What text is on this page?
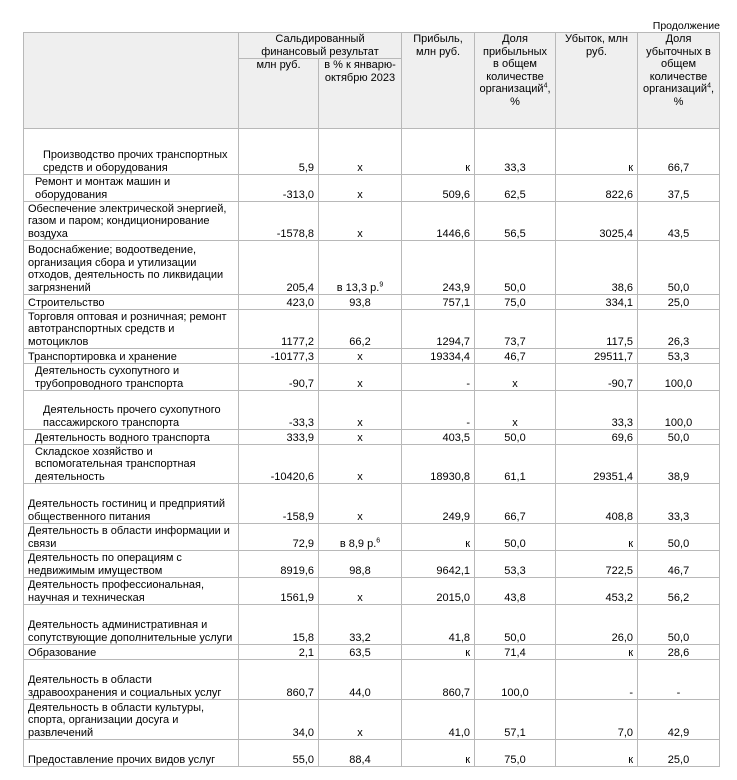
Продолжение
	Сальдированный финансовый результат		Прибыль, млн руб.	Доля прибыльных в общем количестве организаций$^4$, %	Убыток, млн руб.	Доля убыточных в общем количестве организаций$^4$, %
	млн руб.	в % к январю-октябрю 2023				
Производство прочих транспортных средств и оборудования	5,9	х	к	33,3	к	66,7
Ремонт и монтаж машин и оборудования	-313,0	х	509,6	62,5	822,6	37,5
Обеспечение электрической энергией, газом и паром; кондиционирование воздуха	-1578,8	х	1446,6	56,5	3025,4	43,5
Водоснабжение; водоотведение, организация сбора и утилизации отходов, деятельность по ликвидации загрязнений	205,4	в 13,3 р.$^9$	243,9	50,0	38,6	50,0
Строительство	423,0	93,8	757,1	75,0	334,1	25,0
Торговля оптовая и розничная; ремонт автотранспортных средств и мотоциклов	1177,2	66,2	1294,7	73,7	117,5	26,3
Транспортировка и хранение	-10177,3	х	19334,4	46,7	29511,7	53,3
Деятельность сухопутного и трубопроводного транспорта	-90,7	х	-	х	-90,7	100,0
Деятельность прочего сухопутного пассажирского транспорта	-33,3	х	-	х	33,3	100,0
Деятельность водного транспорта	333,9	х	403,5	50,0	69,6	50,0
Складское хозяйство и вспомогательная транспортная деятельность	-10420,6	х	18930,8	61,1	29351,4	38,9
Деятельность гостиниц и предприятий общественного питания	-158,9	х	249,9	66,7	408,8	33,3
Деятельность в области информации и связи	72,9	в 8,9 р.$^6$	к	50,0	к	50,0
Деятельность по операциям с недвижимым имуществом	8919,6	98,8	9642,1	53,3	722,5	46,7
Деятельность профессиональная, научная и техническая	1561,9	х	2015,0	43,8	453,2	56,2
Деятельность административная и сопутствующие дополнительные услуги	15,8	33,2	41,8	50,0	26,0	50,0
Образование	2,1	63,5	к	71,4	к	28,6
Деятельность в области здравоохранения и социальных услуг	860,7	44,0	860,7	100,0	-	-
Деятельность в области культуры, спорта, организации досуга и развлечений	34,0	х	41,0	57,1	7,0	42,9
Предоставление прочих видов услуг	55,0	88,4	к	75,0	к	25,0
